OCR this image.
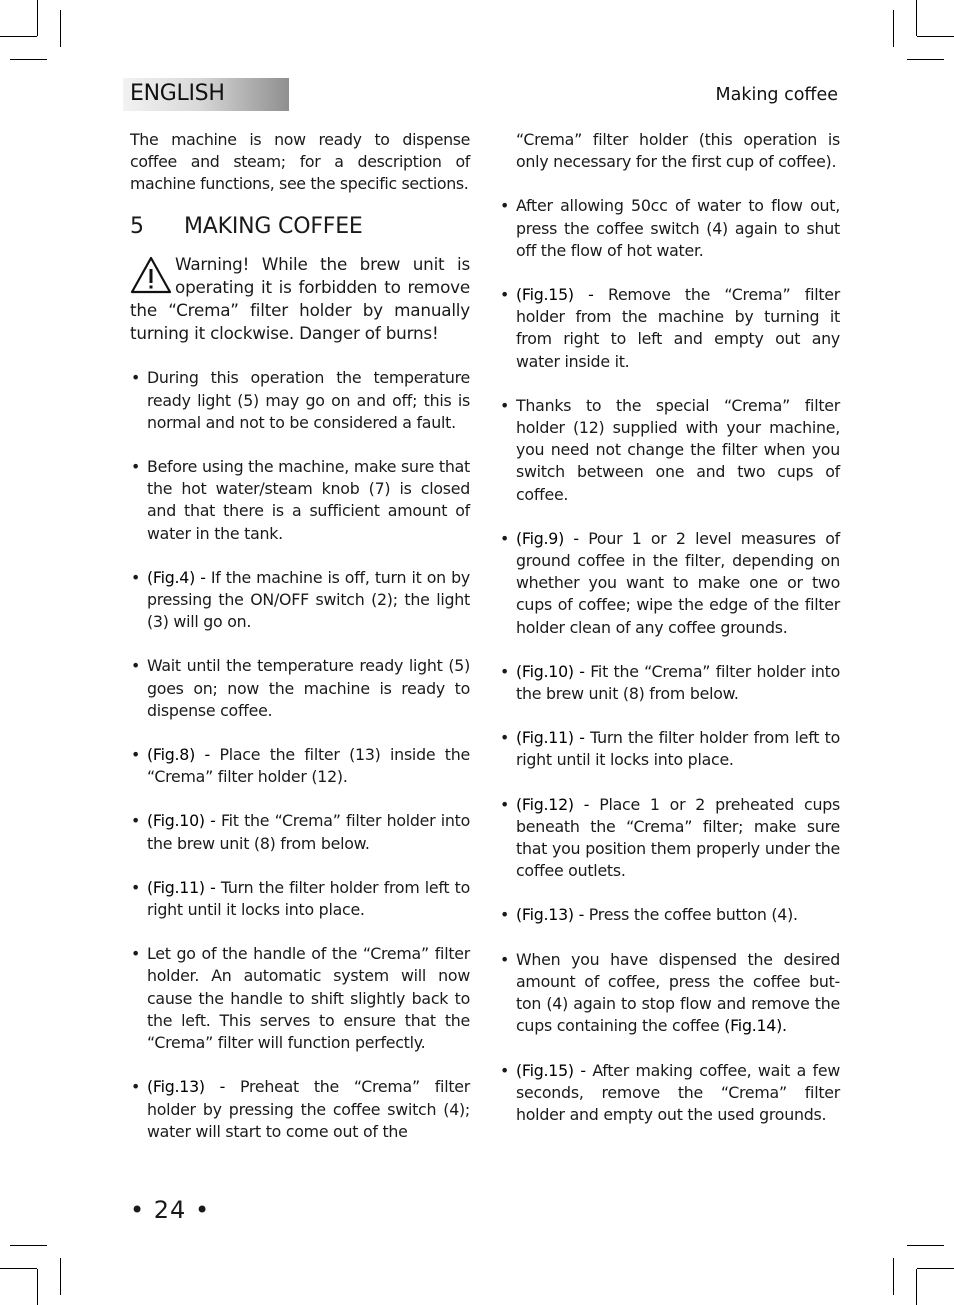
ENGLISH	Making coffee

The machine is now ready to dispense coffee and steam; for a description of machine functions, see the specific sections.

5	MAKING COFFEE
Warning! While the brew unit is operating it is forbidden to remove the “Crema” filter holder by manually turning it clockwise. Danger of burns!

• During this operation the temperature ready light (5) may go on and off; this is normal and not to be considered a fault.

• Before using the machine, make sure that the hot water/steam knob (7) is closed and that there is a sufficient amount of water in the tank.

• (Fig.4) - If the machine is off, turn it on by pressing the ON/OFF switch (2); the light (3) will go on.

• Wait until the temperature ready light (5) goes on; now the machine is ready to dispense coffee.

• (Fig.8) - Place the filter (13) inside the “Crema” filter holder (12).

• (Fig.10) - Fit the “Crema” filter holder into the brew unit (8) from below.

• (Fig.11) - Turn the filter holder from left to right until it locks into place.

• Let go of the handle of the “Crema” filter holder. An automatic system will now cause the handle to shift slightly back to the left. This serves to ensure that the “Crema” filter will function perfectly.

• (Fig.13) - Preheat the “Crema” filter holder by pressing the coffee switch (4); water will start to come out of the

“Crema” filter holder (this operation is only necessary for the first cup of coffee).

• After allowing 50cc of water to flow out, press the coffee switch (4) again to shut off the flow of hot water.

• (Fig.15) - Remove the “Crema” filter holder from the machine by turning it from right to left and empty out any water inside it.

• Thanks to the special “Crema” filter holder (12) supplied with your machine, you need not change the filter when you switch between one and two cups of coffee.

• (Fig.9) - Pour 1 or 2 level measures of ground coffee in the filter, depending on whether you want to make one or two cups of coffee; wipe the edge of the filter holder clean of any coffee grounds.

• (Fig.10) - Fit the “Crema” filter holder into the brew unit (8) from below.

• (Fig.11) - Turn the filter holder from left to right until it locks into place.

• (Fig.12) - Place 1 or 2 preheated cups beneath the “Crema” filter; make sure that you position them properly under the coffee outlets.

• (Fig.13) - Press the coffee button (4).

• When you have dispensed the desired amount of coffee, press the coffee but-ton (4) again to stop flow and remove the cups containing the coffee (Fig.14).

• (Fig.15) - After making coffee, wait a few seconds, remove the “Crema” filter holder and empty out the used grounds.

• 24 •
